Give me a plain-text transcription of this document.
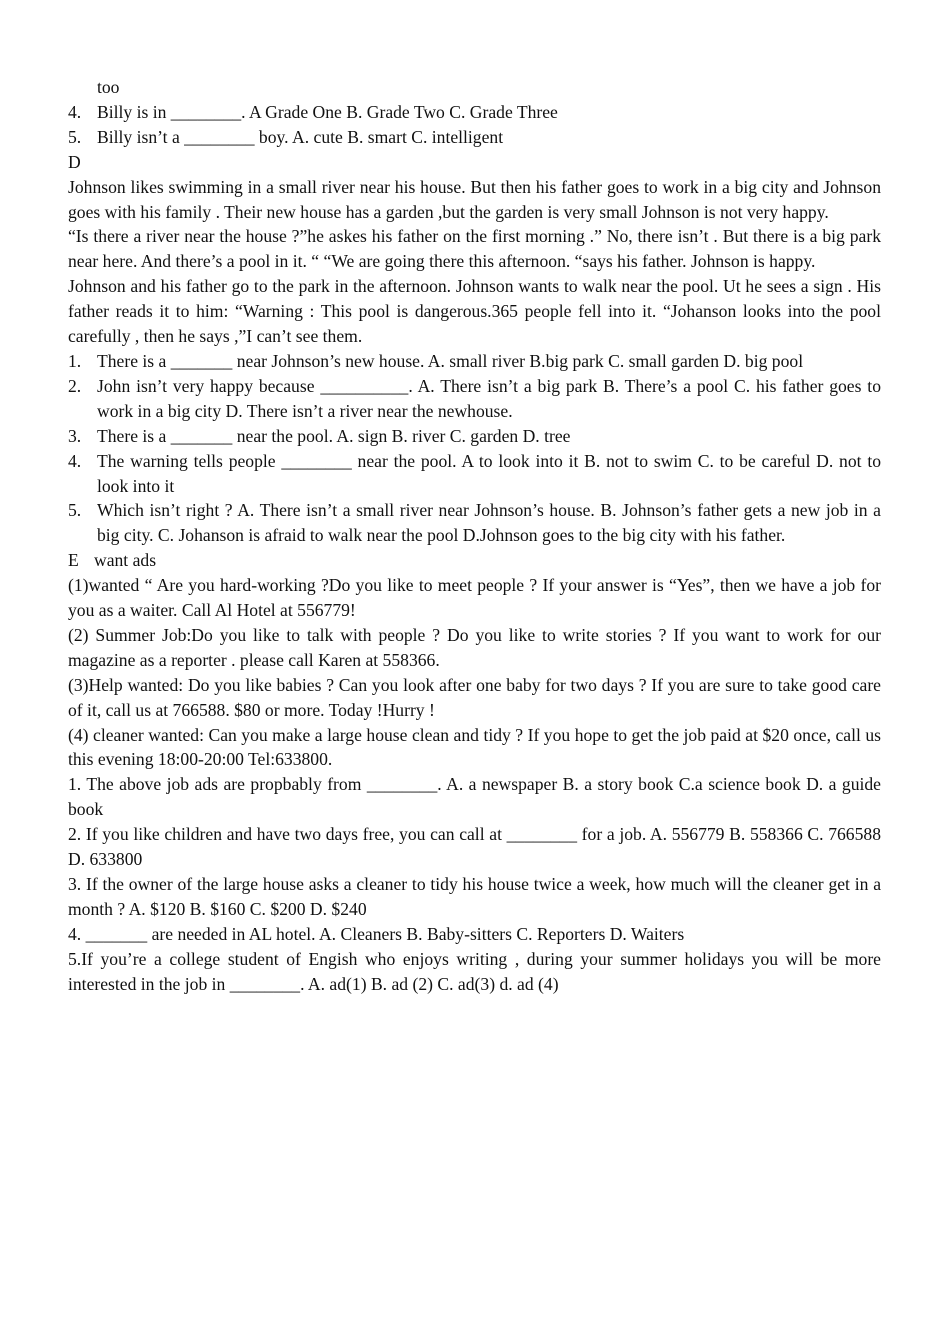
too
4. Billy is in ________. A Grade One B. Grade Two C. Grade Three
5. Billy isn’t a ________ boy. A. cute B. smart C. intelligent
D

Johnson likes swimming in a small river near his house. But then his father goes to work in a big city and Johnson goes with his family . Their new house has a garden ,but the garden is very small Johnson is not very happy.

“Is there a river near the house ?”he askes his father on the first morning .” No, there isn’t . But there is a big park near here. And there’s a pool in it. “ “We are going there this afternoon. “says his father. Johnson is happy.

Johnson and his father go to the park in the afternoon. Johnson wants to walk near the pool. Ut he sees a sign . His father reads it to him: “Warning : This pool is dangerous.365 people fell into it. “Johanson looks into the pool carefully , then he says ,”I can’t see them.

1. There is a _______ near Johnson’s new house. A. small river B.big park C. small garden D. big pool
2. John isn’t very happy because __________. A. There isn’t a big park B. There’s a pool C. his father goes to work in a big city D. There isn’t a river near the newhouse.
3. There is a _______ near the pool. A. sign B. river C. garden D. tree
4. The warning tells people ________ near the pool. A to look into it B. not to swim C. to be careful D. not to look into it
5. Which isn’t right ? A. There isn’t a small river near Johnson’s house. B. Johnson’s father gets a new job in a big city. C. Johanson is afraid to walk near the pool D.Johnson goes to the big city with his father.
E want ads

(1)wanted “ Are you hard-working ?Do you like to meet people ? If your answer is “Yes”, then we have a job for you as a waiter. Call Al Hotel at 556779!

(2) Summer Job:Do you like to talk with people ? Do you like to write stories ? If you want to work for our magazine as a reporter . please call Karen at 558366.

(3)Help wanted: Do you like babies ? Can you look after one baby for two days ? If you are sure to take good care of it, call us at 766588. $80 or more. Today !Hurry !

(4) cleaner wanted: Can you make a large house clean and tidy ? If you hope to get the job paid at $20 once, call us this evening 18:00-20:00 Tel:633800.

1. The above job ads are propbably from ________. A. a newspaper B. a story book C.a science book D. a guide book

2. If you like children and have two days free, you can call at ________ for a job. A. 556779 B. 558366 C. 766588 D. 633800

3. If the owner of the large house asks a cleaner to tidy his house twice a week, how much will the cleaner get in a month ? A. $120 B. $160 C. $200 D. $240

4. _______ are needed in AL hotel. A. Cleaners B. Baby-sitters C. Reporters D. Waiters

5.If you’re a college student of Engish who enjoys writing , during your summer holidays you will be more interested in the job in ________. A. ad(1) B. ad (2) C. ad(3) d. ad (4)
